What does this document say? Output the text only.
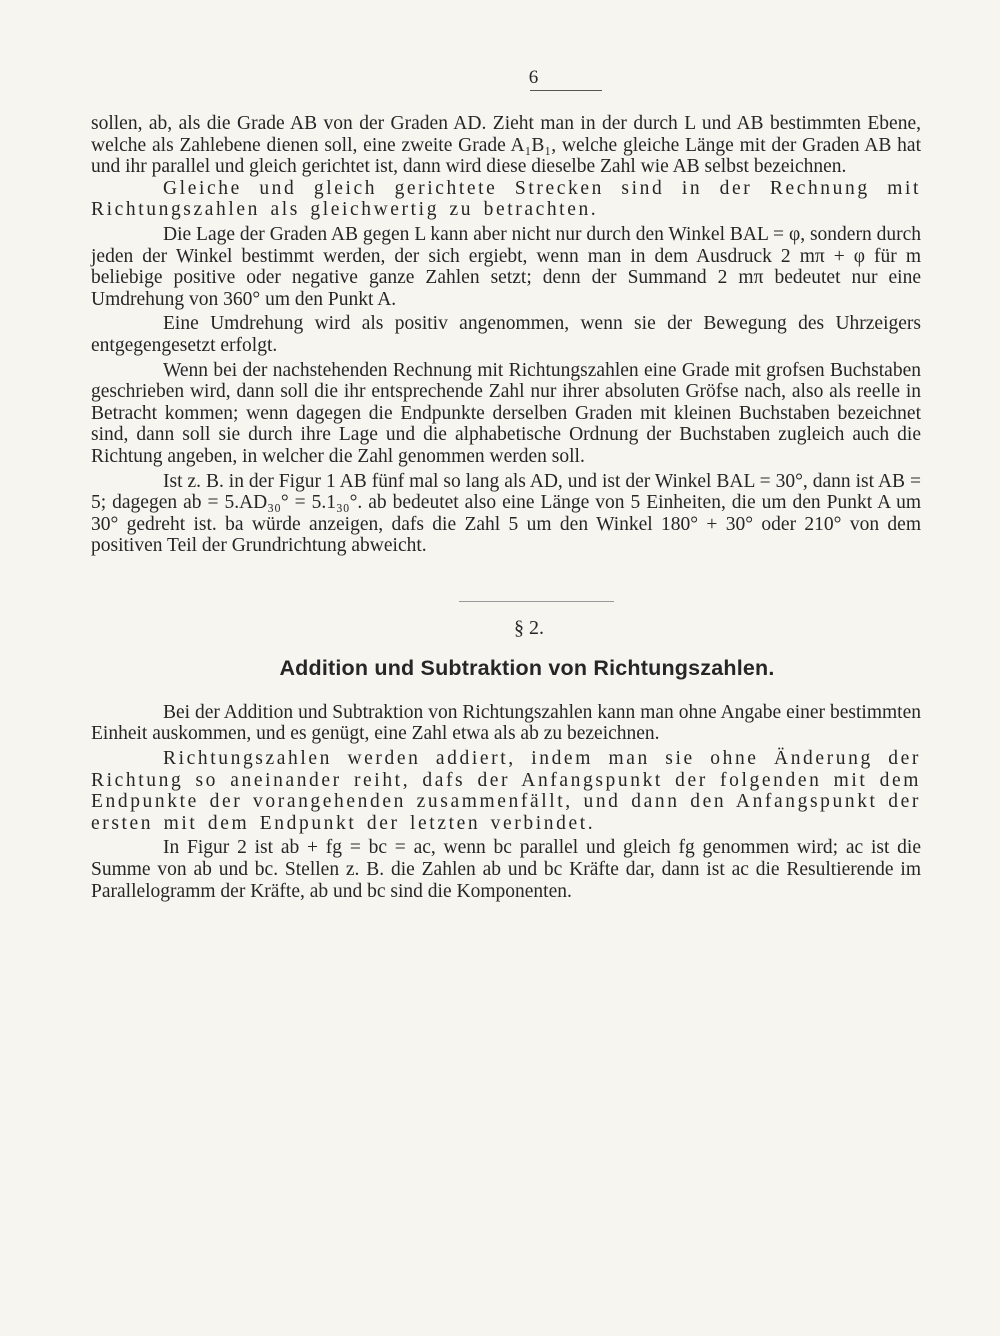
6

sollen, ab, als die Grade AB von der Graden AD. Zieht man in der durch L und AB bestimmten Ebene, welche als Zahlebene dienen soll, eine zweite Grade A₁B₁, welche gleiche Länge mit der Graden AB hat und ihr parallel und gleich gerichtet ist, dann wird diese dieselbe Zahl wie AB selbst bezeichnen.

Gleiche und gleich gerichtete Strecken sind in der Rechnung mit Richtungszahlen als gleichwertig zu betrachten.

Die Lage der Graden AB gegen L kann aber nicht nur durch den Winkel BAL = φ, sondern durch jeden der Winkel bestimmt werden, der sich ergiebt, wenn man in dem Ausdruck 2 mπ + φ für m beliebige positive oder negative ganze Zahlen setzt; denn der Summand 2 mπ bedeutet nur eine Umdrehung von 360° um den Punkt A.

Eine Umdrehung wird als positiv angenommen, wenn sie der Bewegung des Uhrzeigers entgegengesetzt erfolgt.

Wenn bei der nachstehenden Rechnung mit Richtungszahlen eine Grade mit grofsen Buchstaben geschrieben wird, dann soll die ihr entsprechende Zahl nur ihrer absoluten Gröfse nach, also als reelle in Betracht kommen; wenn dagegen die Endpunkte derselben Graden mit kleinen Buchstaben bezeichnet sind, dann soll sie durch ihre Lage und die alphabetische Ordnung der Buchstaben zugleich auch die Richtung angeben, in welcher die Zahl genommen werden soll.

Ist z. B. in der Figur 1 AB fünf mal so lang als AD, und ist der Winkel BAL = 30°, dann ist AB = 5; dagegen ab = 5.AD₃₀° = 5.1₃₀°. ab bedeutet also eine Länge von 5 Einheiten, die um den Punkt A um 30° gedreht ist. ba würde anzeigen, dafs die Zahl 5 um den Winkel 180° + 30° oder 210° von dem positiven Teil der Grundrichtung abweicht.

§ 2.
Addition und Subtraktion von Richtungszahlen.

Bei der Addition und Subtraktion von Richtungszahlen kann man ohne Angabe einer bestimmten Einheit auskommen, und es genügt, eine Zahl etwa als ab zu bezeichnen.

Richtungszahlen werden addiert, indem man sie ohne Änderung der Richtung so aneinander reiht, dafs der Anfangspunkt der folgenden mit dem Endpunkte der vorangehenden zusammenfällt, und dann den Anfangspunkt der ersten mit dem Endpunkt der letzten verbindet.

In Figur 2 ist ab + fg = bc = ac, wenn bc parallel und gleich fg genommen wird; ac ist die Summe von ab und bc. Stellen z. B. die Zahlen ab und bc Kräfte dar, dann ist ac die Resultierende im Parallelogramm der Kräfte, ab und bc sind die Komponenten.
